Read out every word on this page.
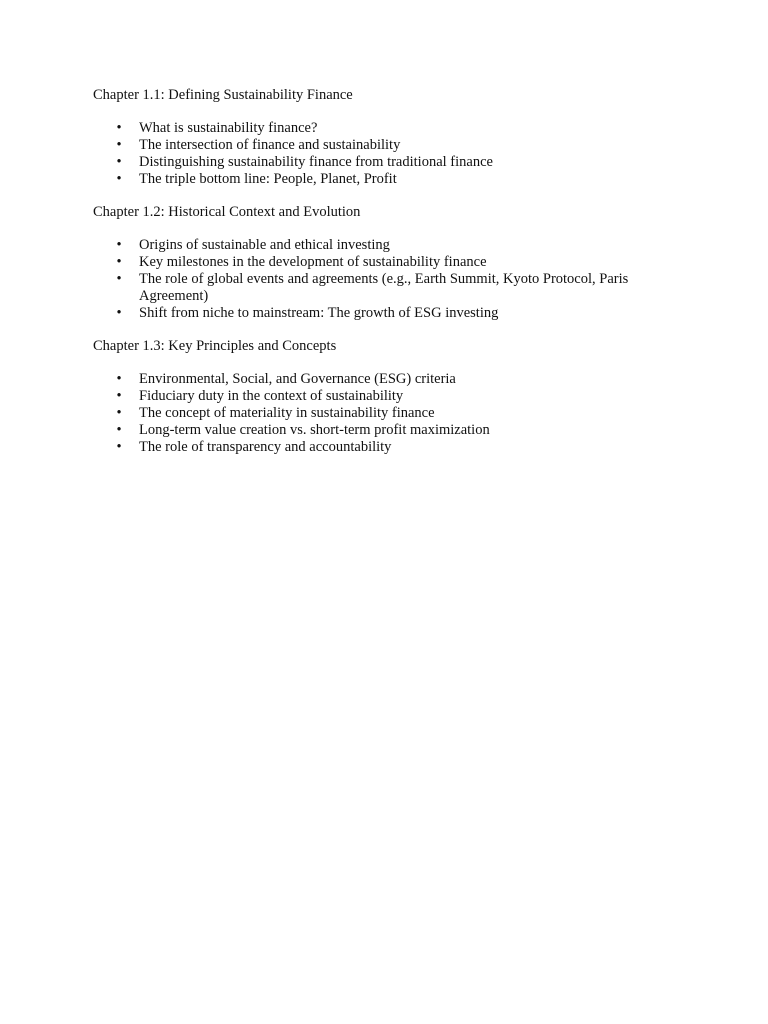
Chapter 1.1: Defining Sustainability Finance

• What is sustainability finance?
• The intersection of finance and sustainability
• Distinguishing sustainability finance from traditional finance
• The triple bottom line: People, Planet, Profit

Chapter 1.2: Historical Context and Evolution

• Origins of sustainable and ethical investing
• Key milestones in the development of sustainability finance
• The role of global events and agreements (e.g., Earth Summit, Kyoto Protocol, Paris Agreement)
• Shift from niche to mainstream: The growth of ESG investing

Chapter 1.3: Key Principles and Concepts

• Environmental, Social, and Governance (ESG) criteria
• Fiduciary duty in the context of sustainability
• The concept of materiality in sustainability finance
• Long-term value creation vs. short-term profit maximization
• The role of transparency and accountability
